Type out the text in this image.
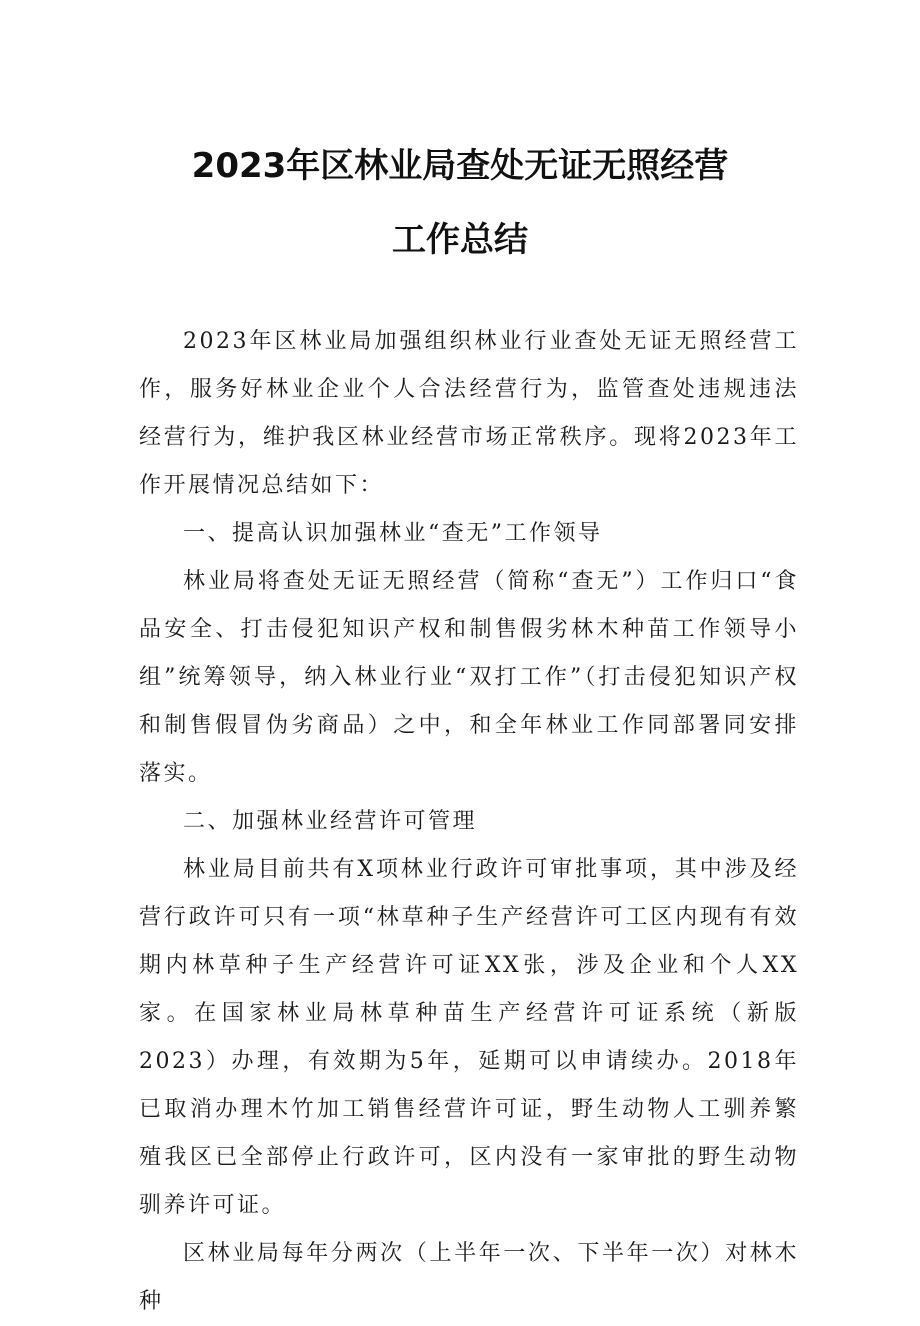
2023年区林业局查处无证无照经营
工作总结

2023年区林业局加强组织林业行业查处无证无照经营工作，服务好林业企业个人合法经营行为，监管查处违规违法经营行为，维护我区林业经营市场正常秩序。现将2023年工作开展情况总结如下：

一、提高认识加强林业“查无”工作领导

林业局将查处无证无照经营（简称“查无”）工作归口“食品安全、打击侵犯知识产权和制售假劣林木种苗工作领导小组”统筹领导，纳入林业行业“双打工作”（打击侵犯知识产权和制售假冒伪劣商品）之中，和全年林业工作同部署同安排落实。

二、加强林业经营许可管理

林业局目前共有X项林业行政许可审批事项，其中涉及经营行政许可只有一项“林草种子生产经营许可工区内现有有效期内林草种子生产经营许可证XX张，涉及企业和个人XX家。在国家林业局林草种苗生产经营许可证系统（新版2023）办理，有效期为5年，延期可以申请续办。2018年已取消办理木竹加工销售经营许可证，野生动物人工驯养繁殖我区已全部停止行政许可，区内没有一家审批的野生动物驯养许可证。

区林业局每年分两次（上半年一次、下半年一次）对林木种
